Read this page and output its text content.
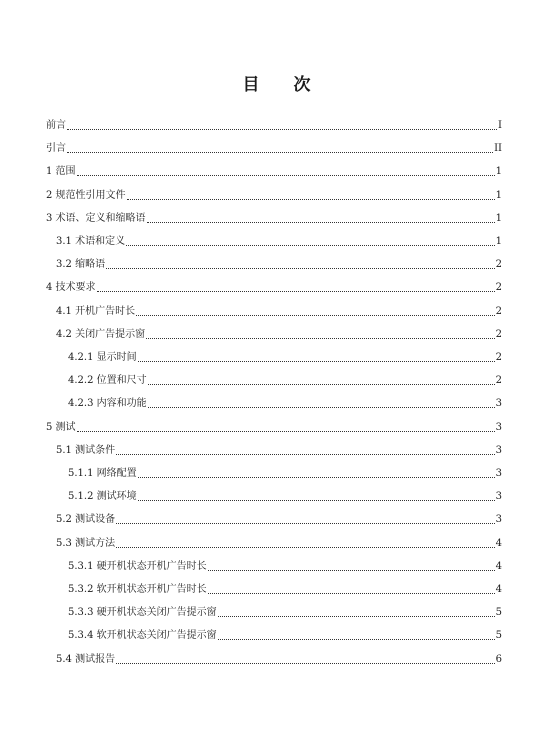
目 次
前言	I
引言	II
1 范围	1
2 规范性引用文件	1
3 术语、定义和缩略语	1
3.1 术语和定义	1
3.2 缩略语	2
4 技术要求	2
4.1 开机广告时长	2
4.2 关闭广告提示窗	2
4.2.1 显示时间	2
4.2.2 位置和尺寸	2
4.2.3 内容和功能	3
5 测试	3
5.1 测试条件	3
5.1.1 网络配置	3
5.1.2 测试环境	3
5.2 测试设备	3
5.3 测试方法	4
5.3.1 硬开机状态开机广告时长	4
5.3.2 软开机状态开机广告时长	4
5.3.3 硬开机状态关闭广告提示窗	5
5.3.4 软开机状态关闭广告提示窗	5
5.4 测试报告	6
